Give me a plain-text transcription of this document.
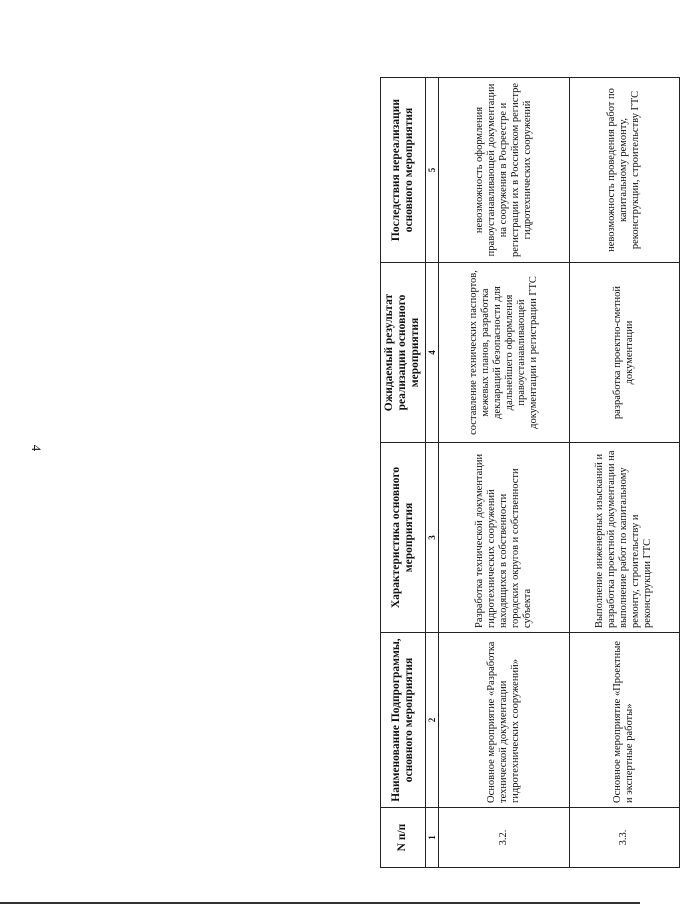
4
N п/п	Наименование Подпрограммы, основного мероприятия	Характеристика основного мероприятия	Ожидаемый результат реализации основного мероприятия	Последствия нереализации основного мероприятия
1	2	3	4	5
3.2.	Основное мероприятие «Разработка технической документации гидротехнических сооружений»	Разработка технической документации гидротехнических сооружений находящихся в собственности городских округов и собственности субъекта	составление технических паспортов, межевых планов, разработка деклараций безопасности для дальнейшего оформления правоустанавливающей документации и регистрации ГТС	невозможность оформления правоустанавливающей документации на сооружения в Росреестре и регистрации их в Российском регистре гидротехнических сооружений
3.3.	Основное мероприятие «Проектные и экспертные работы»	Выполнение инженерных изысканий и разработка проектной документации на выполнение работ по капитальному ремонту, строительству и реконструкции ГТС	разработка проектно-сметной документации	невозможность проведения работ по капитальному ремонту, реконструкции, строительству ГТС
